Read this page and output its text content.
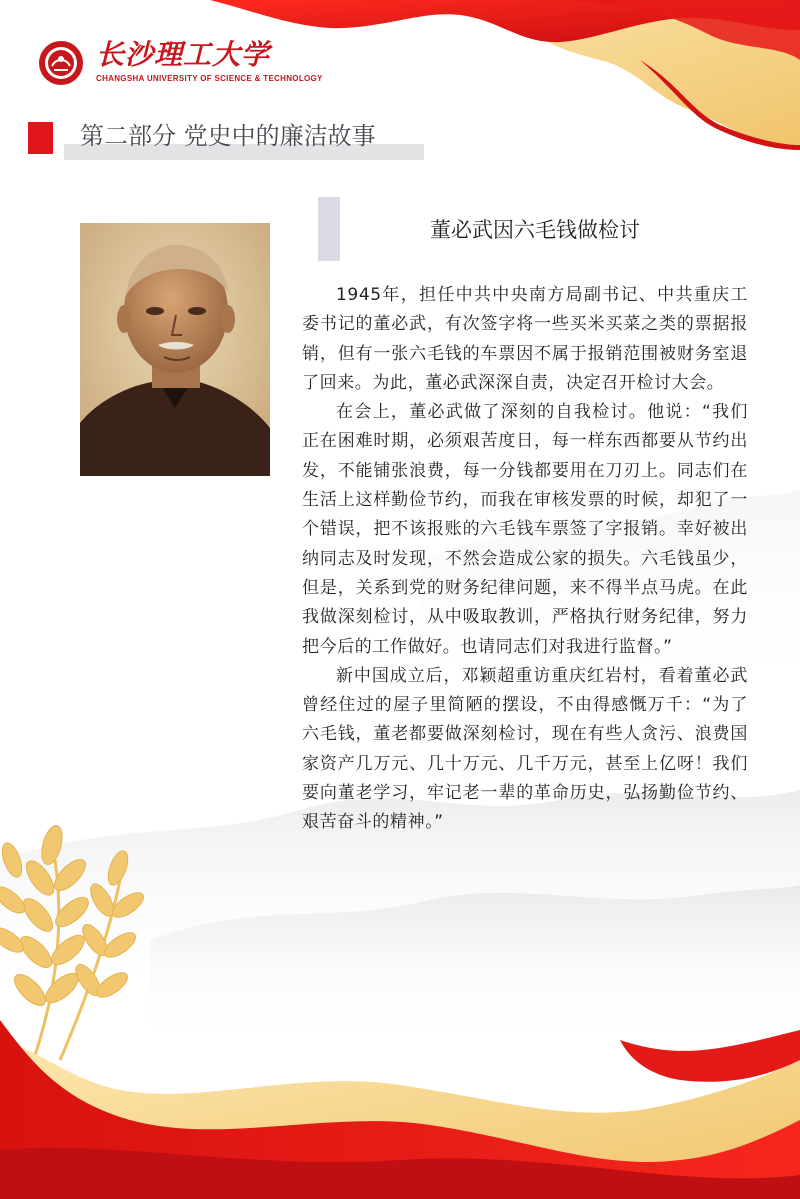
长沙理工大学
CHANGSHA UNIVERSITY OF SCIENCE & TECHNOLOGY
第二部分 党史中的廉洁故事
董必武因六毛钱做检讨

1945年，担任中共中央南方局副书记、中共重庆工委书记的董必武，有次签字将一些买米买菜之类的票据报销，但有一张六毛钱的车票因不属于报销范围被财务室退了回来。为此，董必武深深自责，决定召开检讨大会。

在会上，董必武做了深刻的自我检讨。他说：“我们正在困难时期，必须艰苦度日，每一样东西都要从节约出发，不能铺张浪费，每一分钱都要用在刀刃上。同志们在生活上这样勤俭节约，而我在审核发票的时候，却犯了一个错误，把不该报账的六毛钱车票签了字报销。幸好被出纳同志及时发现，不然会造成公家的损失。六毛钱虽少，但是，关系到党的财务纪律问题，来不得半点马虎。在此我做深刻检讨，从中吸取教训，严格执行财务纪律，努力把今后的工作做好。也请同志们对我进行监督。”

新中国成立后，邓颖超重访重庆红岩村，看着董必武曾经住过的屋子里简陋的摆设，不由得感慨万千：“为了六毛钱，董老都要做深刻检讨，现在有些人贪污、浪费国家资产几万元、几十万元、几千万元，甚至上亿呀！我们要向董老学习，牢记老一辈的革命历史，弘扬勤俭节约、艰苦奋斗的精神。”
